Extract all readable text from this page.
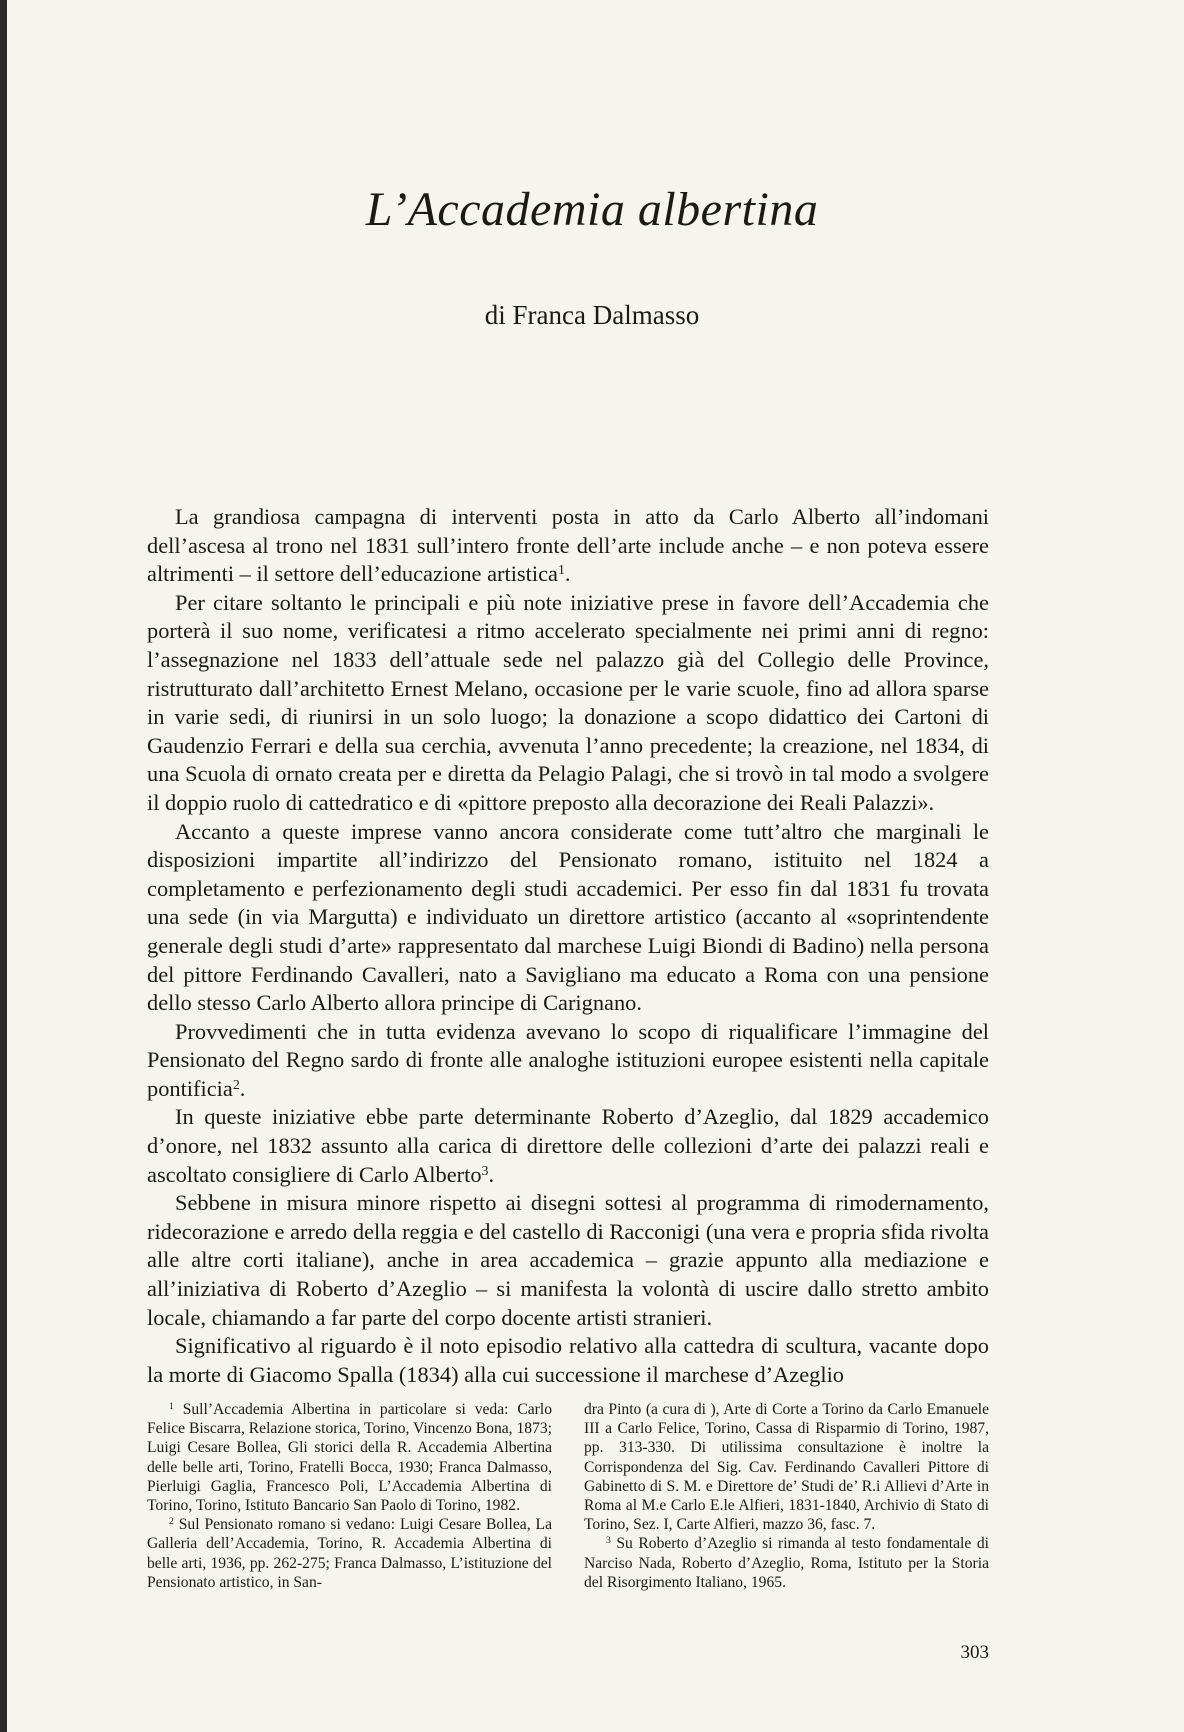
L’Accademia albertina
di Franca Dalmasso

La grandiosa campagna di interventi posta in atto da Carlo Alberto all’indomani dell’ascesa al trono nel 1831 sull’intero fronte dell’arte include anche – e non poteva essere altrimenti – il settore dell’educazione artistica$^1$.

Per citare soltanto le principali e più note iniziative prese in favore dell’Accademia che porterà il suo nome, verificatesi a ritmo accelerato specialmente nei primi anni di regno: l’assegnazione nel 1833 dell’attuale sede nel palazzo già del Collegio delle Province, ristrutturato dall’architetto Ernest Melano, occasione per le varie scuole, fino ad allora sparse in varie sedi, di riunirsi in un solo luogo; la donazione a scopo didattico dei Cartoni di Gaudenzio Ferrari e della sua cerchia, avvenuta l’anno precedente; la creazione, nel 1834, di una Scuola di ornato creata per e diretta da Pelagio Palagi, che si trovò in tal modo a svolgere il doppio ruolo di cattedratico e di «pittore preposto alla decorazione dei Reali Palazzi».

Accanto a queste imprese vanno ancora considerate come tutt’altro che marginali le disposizioni impartite all’indirizzo del Pensionato romano, istituito nel 1824 a completamento e perfezionamento degli studi accademici. Per esso fin dal 1831 fu trovata una sede (in via Margutta) e individuato un direttore artistico (accanto al «soprintendente generale degli studi d’arte» rappresentato dal marchese Luigi Biondi di Badino) nella persona del pittore Ferdinando Cavalleri, nato a Savigliano ma educato a Roma con una pensione dello stesso Carlo Alberto allora principe di Carignano.

Provvedimenti che in tutta evidenza avevano lo scopo di riqualificare l’immagine del Pensionato del Regno sardo di fronte alle analoghe istituzioni europee esistenti nella capitale pontificia$^2$.

In queste iniziative ebbe parte determinante Roberto d’Azeglio, dal 1829 accademico d’onore, nel 1832 assunto alla carica di direttore delle collezioni d’arte dei palazzi reali e ascoltato consigliere di Carlo Alberto$^3$.

Sebbene in misura minore rispetto ai disegni sottesi al programma di rimodernamento, ridecorazione e arredo della reggia e del castello di Racconigi (una vera e propria sfida rivolta alle altre corti italiane), anche in area accademica – grazie appunto alla mediazione e all’iniziativa di Roberto d’Azeglio – si manifesta la volontà di uscire dallo stretto ambito locale, chiamando a far parte del corpo docente artisti stranieri.

Significativo al riguardo è il noto episodio relativo alla cattedra di scultura, vacante dopo la morte di Giacomo Spalla (1834) alla cui successione il marchese d’Azeglio

$^1$ Sull’Accademia Albertina in particolare si veda: Carlo Felice Biscarra, Relazione storica, Torino, Vincenzo Bona, 1873; Luigi Cesare Bollea, Gli storici della R. Accademia Albertina delle belle arti, Torino, Fratelli Bocca, 1930; Franca Dalmasso, Pierluigi Gaglia, Francesco Poli, L’Accademia Albertina di Torino, Torino, Istituto Bancario San Paolo di Torino, 1982.

$^2$ Sul Pensionato romano si vedano: Luigi Cesare Bollea, La Galleria dell’Accademia, Torino, R. Accademia Albertina di belle arti, 1936, pp. 262-275; Franca Dalmasso, L’istituzione del Pensionato artistico, in San-

dra Pinto (a cura di ), Arte di Corte a Torino da Carlo Emanuele III a Carlo Felice, Torino, Cassa di Risparmio di Torino, 1987, pp. 313-330. Di utilissima consultazione è inoltre la Corrispondenza del Sig. Cav. Ferdinando Cavalleri Pittore di Gabinetto di S. M. e Direttore de’ Studi de’ R.i Allievi d’Arte in Roma al M.e Carlo E.le Alfieri, 1831-1840, Archivio di Stato di Torino, Sez. I, Carte Alfieri, mazzo 36, fasc. 7.

$^3$ Su Roberto d’Azeglio si rimanda al testo fondamentale di Narciso Nada, Roberto d’Azeglio, Roma, Istituto per la Storia del Risorgimento Italiano, 1965.

303
